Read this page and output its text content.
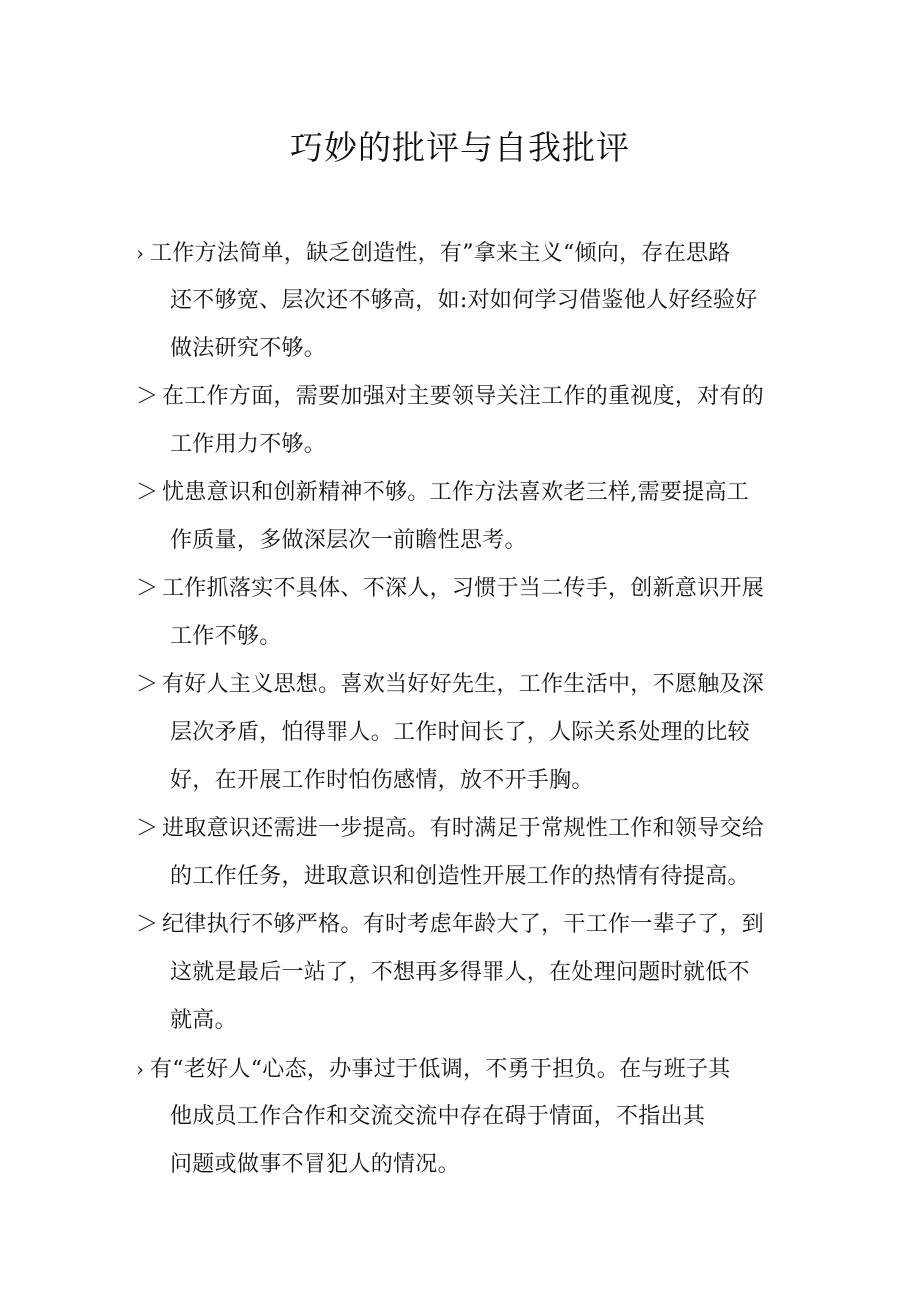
巧妙的批评与自我批评
› 工作方法简单，缺乏创造性，有”拿来主义“倾向，存在思路
还不够宽、层次还不够高，如:对如何学习借鉴他人好经验好
做法研究不够。
＞ 在工作方面，需要加强对主要领导关注工作的重视度，对有的
工作用力不够。
＞ 忧患意识和创新精神不够。工作方法喜欢老三样,需要提高工
作质量，多做深层次一前瞻性思考。
＞ 工作抓落实不具体、不深人，习惯于当二传手，创新意识开展
工作不够。
＞ 有好人主义思想。喜欢当好好先生，工作生活中，不愿触及深
层次矛盾，怕得罪人。工作时间长了，人际关系处理的比较
好，在开展工作时怕伤感情，放不开手胸。
＞ 进取意识还需进一步提高。有时满足于常规性工作和领导交给
的工作任务，进取意识和创造性开展工作的热情有待提高。
＞ 纪律执行不够严格。有时考虑年龄大了，干工作一辈子了，到
这就是最后一站了，不想再多得罪人，在处理问题时就低不
就高。
› 有“老好人“心态，办事过于低调，不勇于担负。在与班子其
他成员工作合作和交流交流中存在碍于情面，不指出其
问题或做事不冒犯人的情况。
